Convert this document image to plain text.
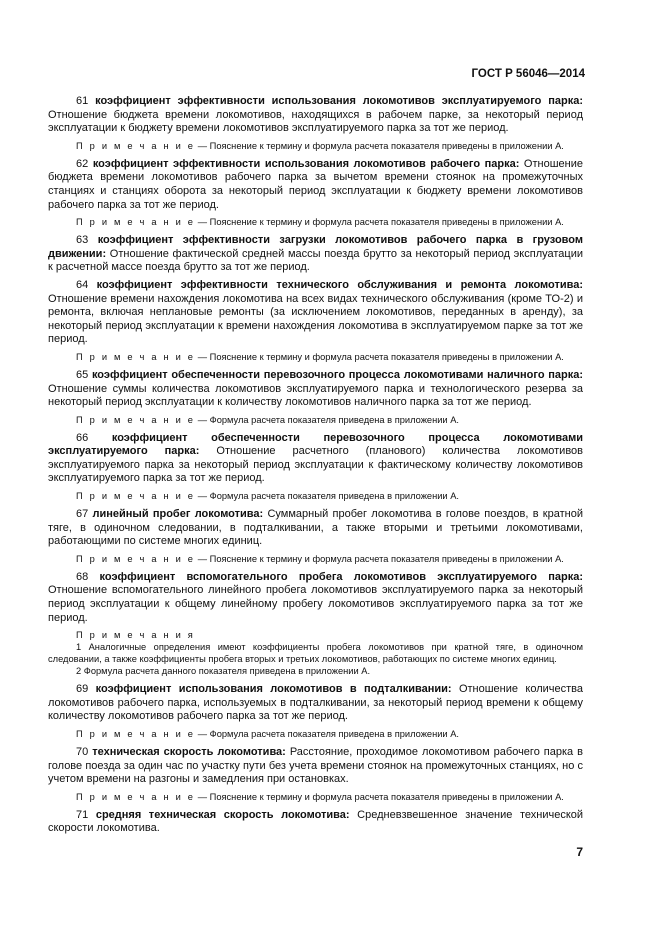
ГОСТ Р 56046—2014

61 коэффициент эффективности использования локомотивов эксплуатируемого парка: Отношение бюджета времени локомотивов, находящихся в рабочем парке, за некоторый период эксплуатации к бюджету времени локомотивов эксплуатируемого парка за тот же период.

П р и м е ч а н и е — Пояснение к термину и формула расчета показателя приведены в приложении А.

62 коэффициент эффективности использования локомотивов рабочего парка: Отношение бюджета времени локомотивов рабочего парка за вычетом времени стоянок на промежуточных станциях и станциях оборота за некоторый период эксплуатации к бюджету времени локомотивов рабочего парка за тот же период.

П р и м е ч а н и е — Пояснение к термину и формула расчета показателя приведены в приложении А.

63 коэффициент эффективности загрузки локомотивов рабочего парка в грузовом движении: Отношение фактической средней массы поезда брутто за некоторый период эксплуатации к расчетной массе поезда брутто за тот же период.

64 коэффициент эффективности технического обслуживания и ремонта локомотива: Отношение времени нахождения локомотива на всех видах технического обслуживания (кроме ТО-2) и ремонта, включая неплановые ремонты (за исключением локомотивов, переданных в аренду), за некоторый период эксплуатации к времени нахождения локомотива в эксплуатируемом парке за тот же период.

П р и м е ч а н и е — Пояснение к термину и формула расчета показателя приведены в приложении А.

65 коэффициент обеспеченности перевозочного процесса локомотивами наличного парка: Отношение суммы количества локомотивов эксплуатируемого парка и технологического резерва за некоторый период эксплуатации к количеству локомотивов наличного парка за тот же период.

П р и м е ч а н и е — Формула расчета показателя приведена в приложении А.

66 коэффициент обеспеченности перевозочного процесса локомотивами эксплуатируемого парка: Отношение расчетного (планового) количества локомотивов эксплуатируемого парка за некоторый период эксплуатации к фактическому количеству локомотивов эксплуатируемого парка за тот же период.

П р и м е ч а н и е — Формула расчета показателя приведена в приложении А.

67 линейный пробег локомотива: Суммарный пробег локомотива в голове поездов, в кратной тяге, в одиночном следовании, в подталкивании, а также вторыми и третьими локомотивами, работающими по системе многих единиц.

П р и м е ч а н и е — Пояснение к термину и формула расчета показателя приведены в приложении А.

68 коэффициент вспомогательного пробега локомотивов эксплуатируемого парка: Отношение вспомогательного линейного пробега локомотивов эксплуатируемого парка за некоторый период эксплуатации к общему линейному пробегу локомотивов эксплуатируемого парка за тот же период.

П р и м е ч а н и я
1 Аналогичные определения имеют коэффициенты пробега локомотивов при кратной тяге, в одиночном следовании, а также коэффициенты пробега вторых и третьих локомотивов, работающих по системе многих единиц.
2 Формула расчета данного показателя приведена в приложении А.

69 коэффициент использования локомотивов в подталкивании: Отношение количества локомотивов рабочего парка, используемых в подталкивании, за некоторый период времени к общему количеству локомотивов рабочего парка за тот же период.

П р и м е ч а н и е — Формула расчета показателя приведена в приложении А.

70 техническая скорость локомотива: Расстояние, проходимое локомотивом рабочего парка в голове поезда за один час по участку пути без учета времени стоянок на промежуточных станциях, но с учетом времени на разгоны и замедления при остановках.

П р и м е ч а н и е — Пояснение к термину и формула расчета показателя приведены в приложении А.

71 средняя техническая скорость локомотива: Средневзвешенное значение технической скорости локомотива.

7
